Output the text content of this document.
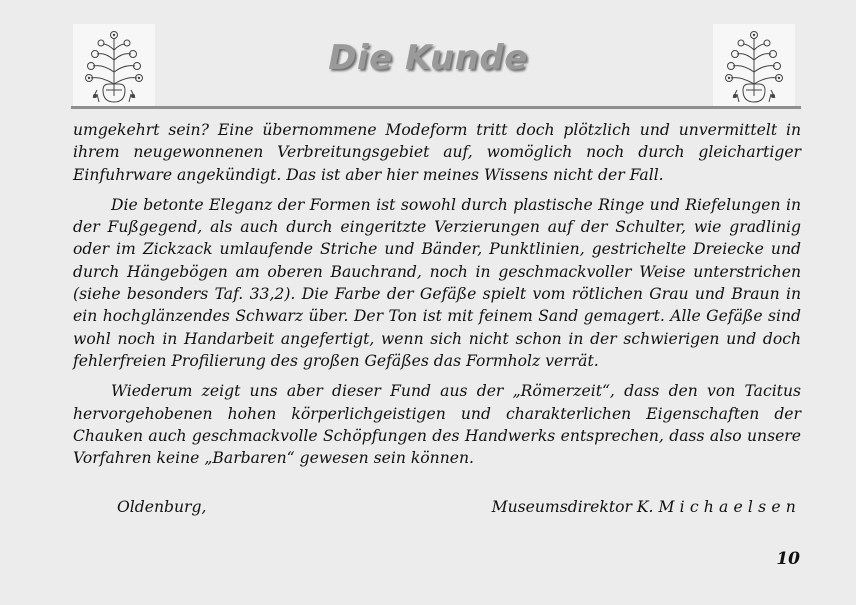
Die Kunde

umgekehrt sein? Eine übernommene Modeform tritt doch plötzlich und unvermittelt in ihrem neugewonnenen Verbreitungsgebiet auf, womöglich noch durch gleichartiger Einfuhrware angekündigt. Das ist aber hier meines Wissens nicht der Fall.

Die betonte Eleganz der Formen ist sowohl durch plastische Ringe und Riefelungen in der Fußgegend, als auch durch eingeritzte Verzierungen auf der Schulter, wie gradlinig oder im Zickzack umlaufende Striche und Bänder, Punktlinien, gestrichelte Dreiecke und durch Hängebögen am oberen Bauchrand, noch in geschmackvoller Weise unterstrichen (siehe besonders Taf. 33,2). Die Farbe der Gefäße spielt vom rötlichen Grau und Braun in ein hochglänzendes Schwarz über. Der Ton ist mit feinem Sand gemagert. Alle Gefäße sind wohl noch in Handarbeit angefertigt, wenn sich nicht schon in der schwierigen und doch fehlerfreien Profilierung des großen Gefäßes das Formholz verrät.

Wiederum zeigt uns aber dieser Fund aus der „Römerzeit“, dass den von Tacitus hervorgehobenen hohen körperlichgeistigen und charakterlichen Eigenschaften der Chauken auch geschmackvolle Schöpfungen des Handwerks entsprechen, dass also unsere Vorfahren keine „Barbaren“ gewesen sein können.

Oldenburg,	Museumsdirektor K. Michaelsen
10
